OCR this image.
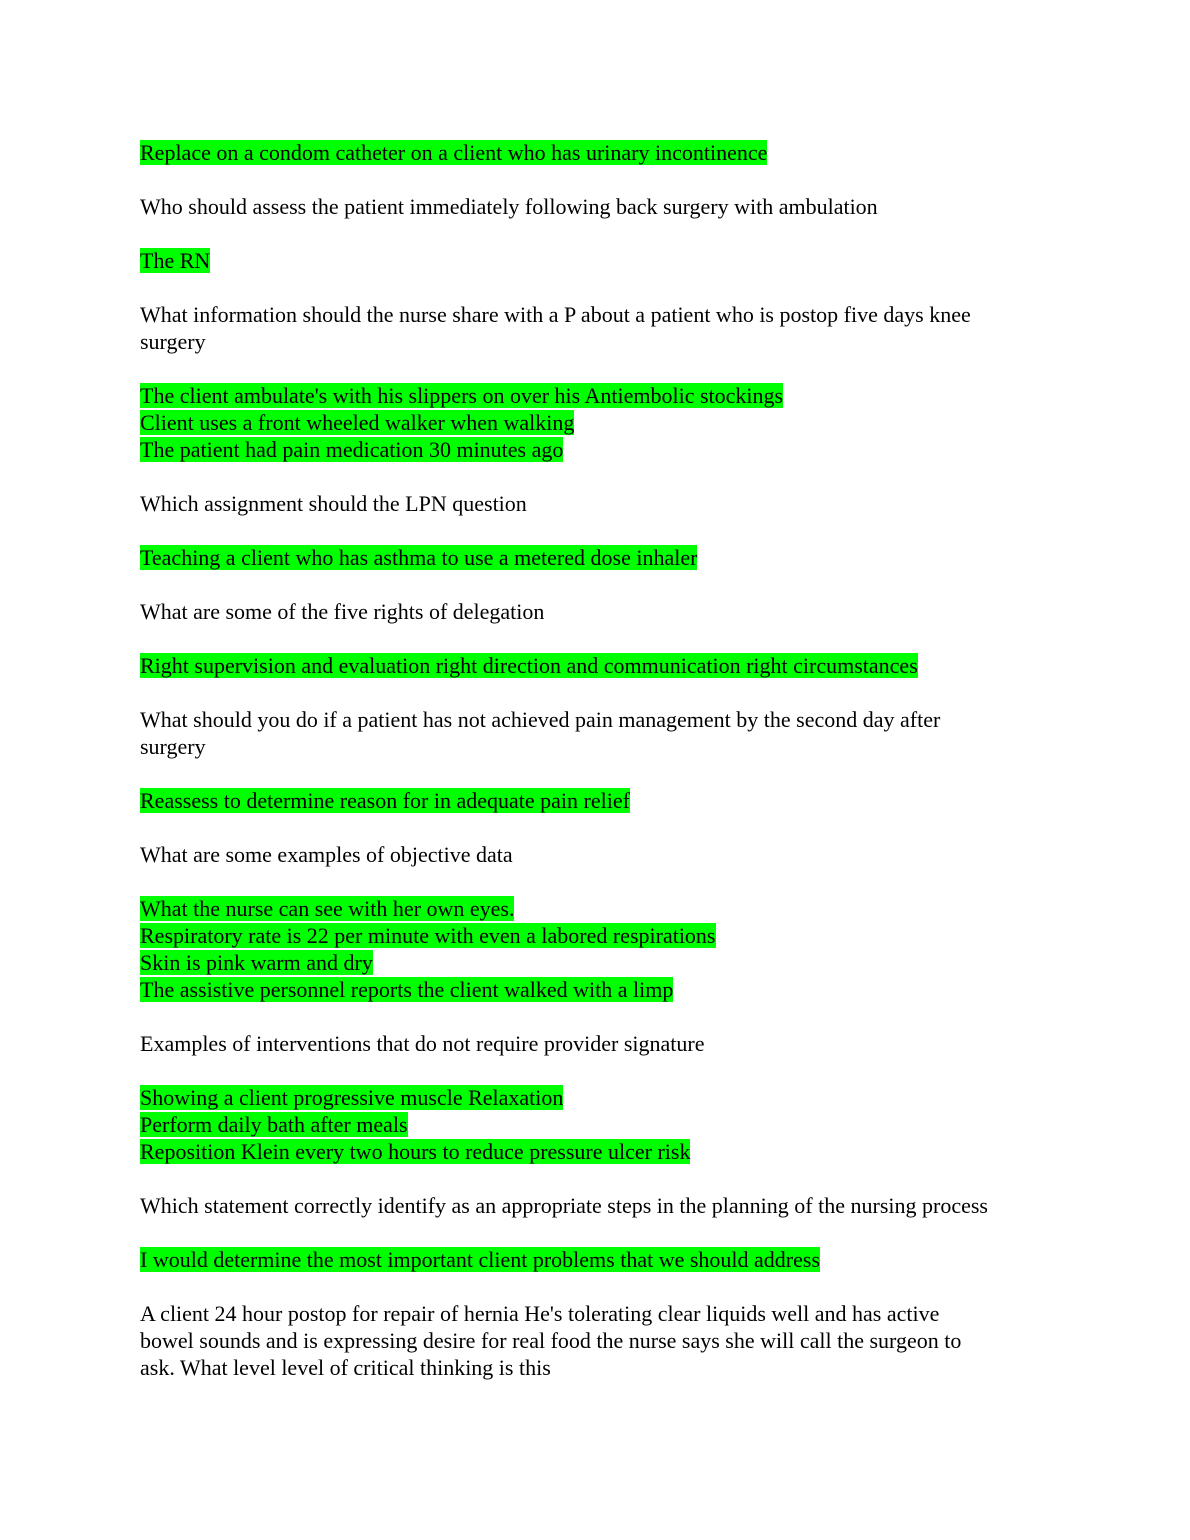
Replace on a condom catheter on a client who has urinary incontinence
Who should assess the patient immediately following back surgery with ambulation
The RN
What information should the nurse share with a P about a patient who is postop five days knee
surgery
The client ambulate's with his slippers on over his Antiembolic stockings
Client uses a front wheeled walker when walking
The patient had pain medication 30 minutes ago
Which assignment should the LPN question
Teaching a client who has asthma to use a metered dose inhaler
What are some of the five rights of delegation
Right supervision and evaluation right direction and communication right circumstances
What should you do if a patient has not achieved pain management by the second day after
surgery
Reassess to determine reason for in adequate pain relief
What are some examples of objective data
What the nurse can see with her own eyes.
Respiratory rate is 22 per minute with even a labored respirations
Skin is pink warm and dry
The assistive personnel reports the client walked with a limp
Examples of interventions that do not require provider signature
Showing a client progressive muscle Relaxation
Perform daily bath after meals
Reposition Klein every two hours to reduce pressure ulcer risk
Which statement correctly identify as an appropriate steps in the planning of the nursing process
I would determine the most important client problems that we should address
A client 24 hour postop for repair of hernia He's tolerating clear liquids well and has active
bowel sounds and is expressing desire for real food the nurse says she will call the surgeon to
ask. What level level of critical thinking is this
